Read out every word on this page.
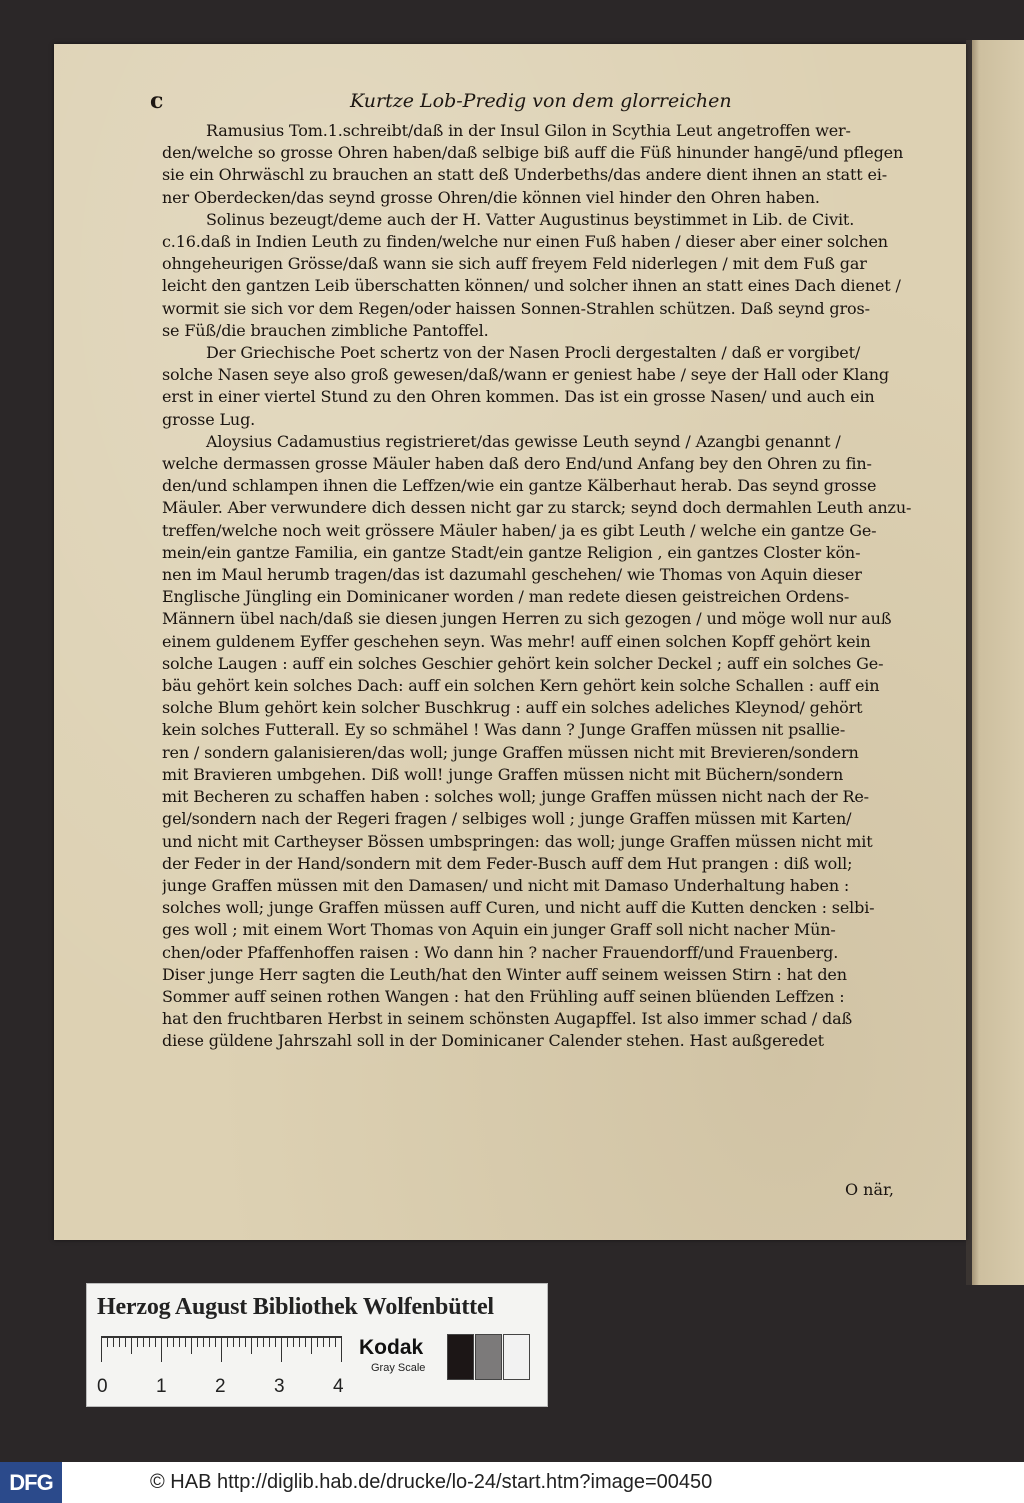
c	Kurtze Lob-Predig von dem glorreichen
Ramusius Tom.1.schreibt/daß in der Insul Gilon in Scythia Leut angetroffen wer-
den/welche so grosse Ohren haben/daß selbige biß auff die Füß hinunder hangē/und pflegen
sie ein Ohrwäschl zu brauchen an statt deß Underbeths/das andere dient ihnen an statt ei-
ner Oberdecken/das seynd grosse Ohren/die können viel hinder den Ohren haben.
Solinus bezeugt/deme auch der H. Vatter Augustinus beystimmet in Lib. de Civit.
c.16.daß in Indien Leuth zu finden/welche nur einen Fuß haben / dieser aber einer solchen
ohngeheurigen Grösse/daß wann sie sich auff freyem Feld niderlegen / mit dem Fuß gar
leicht den gantzen Leib überschatten können/ und solcher ihnen an statt eines Dach dienet /
wormit sie sich vor dem Regen/oder haissen Sonnen-Strahlen schützen. Daß seynd gros-
se Füß/die brauchen zimbliche Pantoffel.
Der Griechische Poet schertz von der Nasen Procli dergestalten / daß er vorgibet/
solche Nasen seye also groß gewesen/daß/wann er geniest habe / seye der Hall oder Klang
erst in einer viertel Stund zu den Ohren kommen. Das ist ein grosse Nasen/ und auch ein
grosse Lug.
Aloysius Cadamustius registrieret/das gewisse Leuth seynd / Azangbi genannt /
welche dermassen grosse Mäuler haben daß dero End/und Anfang bey den Ohren zu fin-
den/und schlampen ihnen die Leffzen/wie ein gantze Kälberhaut herab. Das seynd grosse
Mäuler. Aber verwundere dich dessen nicht gar zu starck; seynd doch dermahlen Leuth anzu-
treffen/welche noch weit grössere Mäuler haben/ ja es gibt Leuth / welche ein gantze Ge-
mein/ein gantze Familia, ein gantze Stadt/ein gantze Religion , ein gantzes Closter kön-
nen im Maul herumb tragen/das ist dazumahl geschehen/ wie Thomas von Aquin dieser
Englische Jüngling ein Dominicaner worden / man redete diesen geistreichen Ordens-
Männern übel nach/daß sie diesen jungen Herren zu sich gezogen / und möge woll nur auß
einem guldenem Eyffer geschehen seyn. Was mehr! auff einen solchen Kopff gehört kein
solche Laugen : auff ein solches Geschier gehört kein solcher Deckel ; auff ein solches Ge-
bäu gehört kein solches Dach: auff ein solchen Kern gehört kein solche Schallen : auff ein
solche Blum gehört kein solcher Buschkrug : auff ein solches adeliches Kleynod/ gehört
kein solches Futterall. Ey so schmähel ! Was dann ? Junge Graffen müssen nit psallie-
ren / sondern galanisieren/das woll; junge Graffen müssen nicht mit Brevieren/sondern
mit Bravieren umbgehen. Diß woll! junge Graffen müssen nicht mit Büchern/sondern
mit Becheren zu schaffen haben : solches woll; junge Graffen müssen nicht nach der Re-
gel/sondern nach der Regeri fragen / selbiges woll ; junge Graffen müssen mit Karten/
und nicht mit Carthеyser Bössen umbspringen: das woll; junge Graffen müssen nicht mit
der Feder in der Hand/sondern mit dem Feder-Busch auff dem Hut prangen : diß woll;
junge Graffen müssen mit den Damasen/ und nicht mit Damaso Underhaltung haben :
solches woll; junge Graffen müssen auff Curen, und nicht auff die Kutten dencken : selbi-
ges woll ; mit einem Wort Thomas von Aquin ein junger Graff soll nicht nacher Mün-
chen/oder Pfaffenhoffen raisen : Wo dann hin ? nacher Frauendorff/und Frauenberg.
Diser junge Herr sagten die Leuth/hat den Winter auff seinem weissen Stirn : hat den
Sommer auff seinen rothen Wangen : hat den Frühling auff seinen blüenden Leffzen :
hat den fruchtbaren Herbst in seinem schönsten Augapffel. Ist also immer schad / daß
diese güldene Jahrszahl soll in der Dominicaner Calender stehen. Hast außgeredet
O när,
Herzog August Bibliothek Wolfenbüttel
0	1	2	3	4
Kodak
Gray Scale
DFG	© HAB http://diglib.hab.de/drucke/lo-24/start.htm?image=00450
